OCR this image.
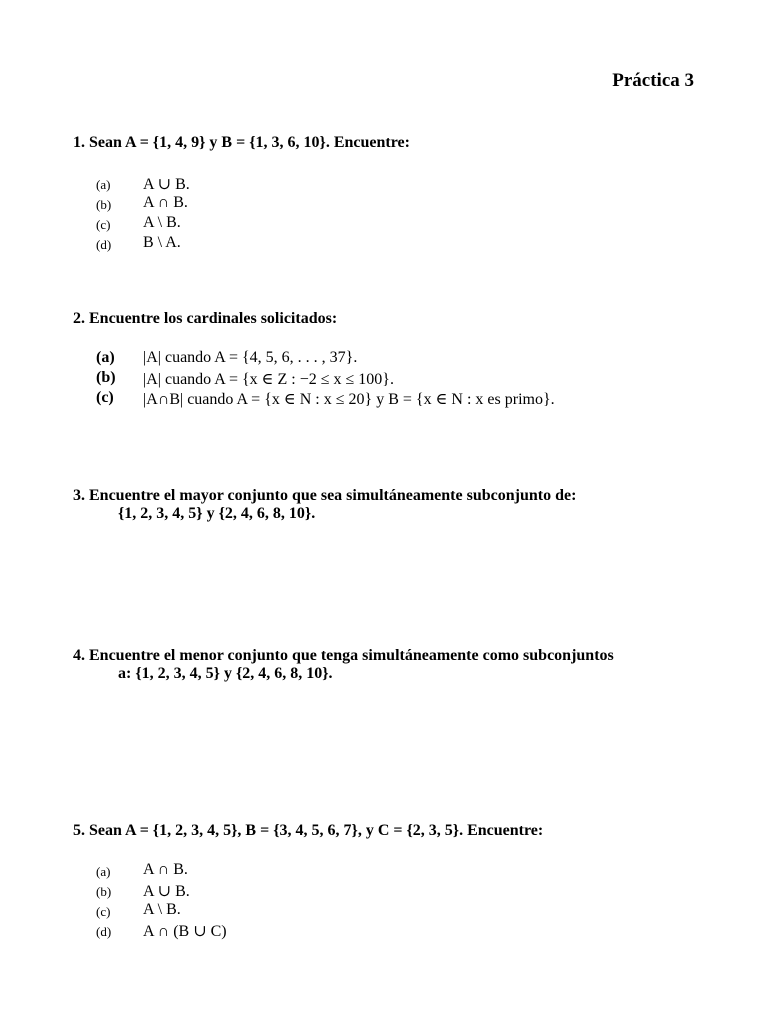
Práctica 3
1. Sean A = {1, 4, 9} y B = {1, 3, 6, 10}. Encuentre:
(a) A ∪ B.
(b) A ∩ B.
(c) A \ B.
(d) B \ A.
2. Encuentre los cardinales solicitados:
(a) |A| cuando A = {4, 5, 6, . . . , 37}.
(b) |A| cuando A = {x ∈ Z : −2 ≤ x ≤ 100}.
(c) |A∩B| cuando A = {x ∈ N : x ≤ 20} y B = {x ∈ N : x es primo}.
3. Encuentre el mayor conjunto que sea simultáneamente subconjunto de:
{1, 2, 3, 4, 5} y {2, 4, 6, 8, 10}.
4. Encuentre el menor conjunto que tenga simultáneamente como subconjuntos
a: {1, 2, 3, 4, 5} y {2, 4, 6, 8, 10}.
5. Sean A = {1, 2, 3, 4, 5}, B = {3, 4, 5, 6, 7}, y C = {2, 3, 5}. Encuentre:
(a) A ∩ B.
(b) A ∪ B.
(c) A \ B.
(d) A ∩ (B ∪ C)
